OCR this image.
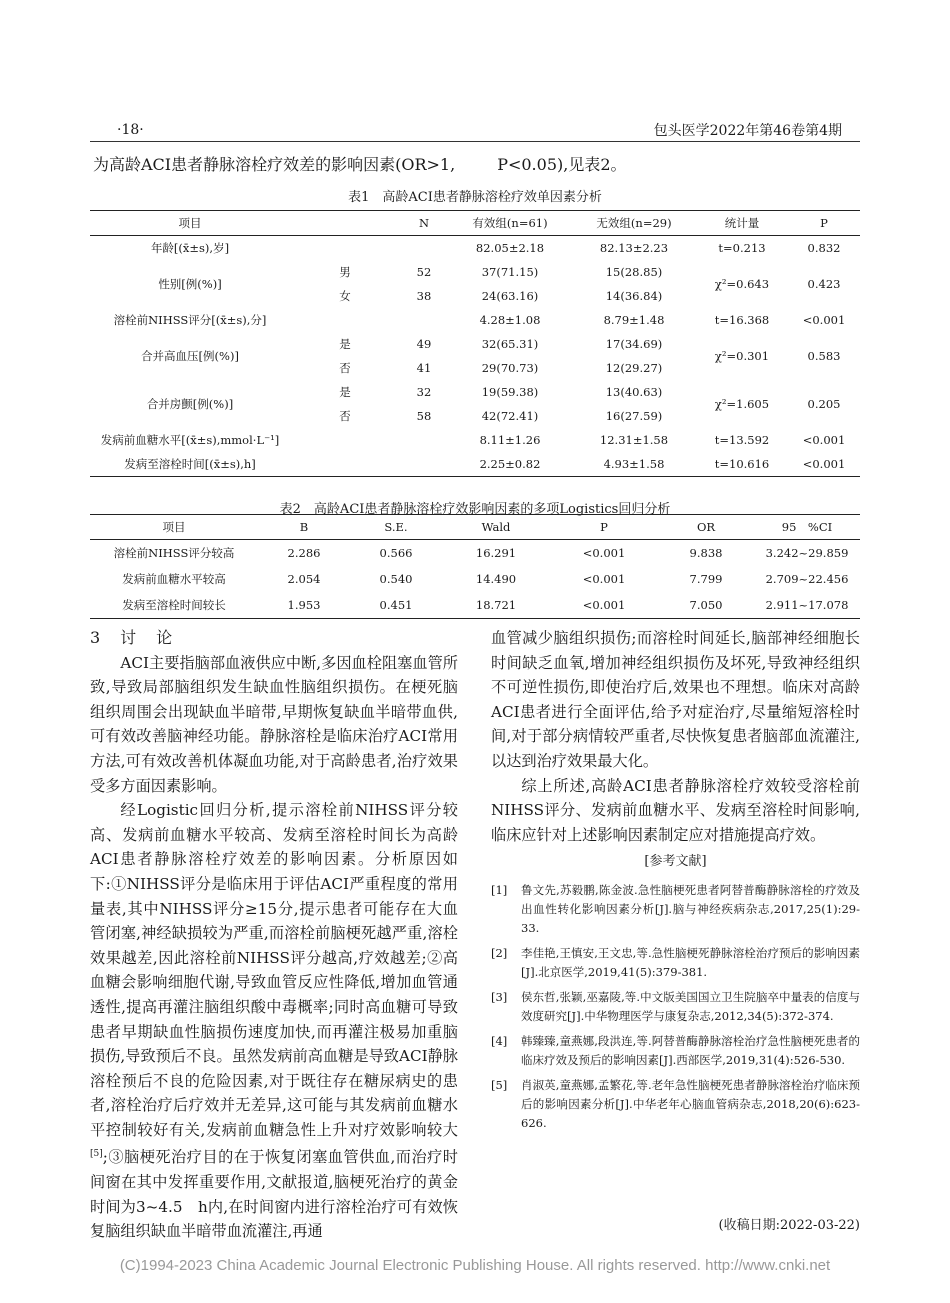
·18·	包头医学2022年第46卷第4期
为高龄ACI患者静脉溶栓疗效差的影响因素(OR>1,	P<0.05),见表2。
表1　高龄ACI患者静脉溶栓疗效单因素分析
项目		N	有效组(n=61)	无效组(n=29)	统计量	P
年龄[(x̄±s),岁]			82.05±2.18	82.13±2.23	t=0.213	0.832
性别[例(%)]	男	52	37(71.15)	15(28.85)	χ²=0.643	0.423
	女	38	24(63.16)	14(36.84)		
溶栓前NIHSS评分[(x̄±s),分]			4.28±1.08	8.79±1.48	t=16.368	<0.001
合并高血压[例(%)]	是	49	32(65.31)	17(34.69)	χ²=0.301	0.583
	否	41	29(70.73)	12(29.27)		
合并房颤[例(%)]	是	32	19(59.38)	13(40.63)	χ²=1.605	0.205
	否	58	42(72.41)	16(27.59)		
发病前血糖水平[(x̄±s),mmol·L⁻¹]			8.11±1.26	12.31±1.58	t=13.592	<0.001
发病至溶栓时间[(x̄±s),h]			2.25±0.82	4.93±1.58	t=10.616	<0.001
表2　高龄ACI患者静脉溶栓疗效影响因素的多项Logistics回归分析
项目	B	S.E.	Wald	P	OR	95　%CI
溶栓前NIHSS评分较高	2.286	0.566	16.291	<0.001	9.838	3.242~29.859
发病前血糖水平较高	2.054	0.540	14.490	<0.001	7.799	2.709~22.456
发病至溶栓时间较长	1.953	0.451	18.721	<0.001	7.050	2.911~17.078

3　讨　论

ACI主要指脑部血液供应中断,多因血栓阻塞血管所致,导致局部脑组织发生缺血性脑组织损伤。在梗死脑组织周围会出现缺血半暗带,早期恢复缺血半暗带血供,可有效改善脑神经功能。静脉溶栓是临床治疗ACI常用方法,可有效改善机体凝血功能,对于高龄患者,治疗效果受多方面因素影响。

经Logistic回归分析,提示溶栓前NIHSS评分较高、发病前血糖水平较高、发病至溶栓时间长为高龄ACI患者静脉溶栓疗效差的影响因素。分析原因如下:①NIHSS评分是临床用于评估ACI严重程度的常用量表,其中NIHSS评分≥15分,提示患者可能存在大血管闭塞,神经缺损较为严重,而溶栓前脑梗死越严重,溶栓效果越差,因此溶栓前NIHSS评分越高,疗效越差;②高血糖会影响细胞代谢,导致血管反应性降低,增加血管通透性,提高再灌注脑组织酸中毒概率;同时高血糖可导致患者早期缺血性脑损伤速度加快,而再灌注极易加重脑损伤,导致预后不良。虽然发病前高血糖是导致ACI静脉溶栓预后不良的危险因素,对于既往存在糖尿病史的患者,溶栓治疗后疗效并无差异,这可能与其发病前血糖水平控制较好有关,发病前血糖急性上升对疗效影响较大[5];③脑梗死治疗目的在于恢复闭塞血管供血,而治疗时间窗在其中发挥重要作用,文献报道,脑梗死治疗的黄金时间为3~4.5　h内,在时间窗内进行溶栓治疗可有效恢复脑组织缺血半暗带血流灌注,再通

血管减少脑组织损伤;而溶栓时间延长,脑部神经细胞长时间缺乏血氧,增加神经组织损伤及坏死,导致神经组织不可逆性损伤,即使治疗后,效果也不理想。临床对高龄ACI患者进行全面评估,给予对症治疗,尽量缩短溶栓时间,对于部分病情较严重者,尽快恢复患者脑部血流灌注,以达到治疗效果最大化。

综上所述,高龄ACI患者静脉溶栓疗效较受溶栓前NIHSS评分、发病前血糖水平、发病至溶栓时间影响,临床应针对上述影响因素制定应对措施提高疗效。

[参考文献]
[1]	鲁文先,苏毅鹏,陈金波.急性脑梗死患者阿替普酶静脉溶栓的疗效及出血性转化影响因素分析[J].脑与神经疾病杂志,2017,25(1):29-33.
[2]	李佳艳,王慎安,王文忠,等.急性脑梗死静脉溶栓治疗预后的影响因素[J].北京医学,2019,41(5):379-381.
[3]	侯东哲,张颖,巫嘉陵,等.中文版美国国立卫生院脑卒中量表的信度与效度研究[J].中华物理医学与康复杂志,2012,34(5):372-374.
[4]	韩臻臻,童燕娜,段洪连,等.阿替普酶静脉溶栓治疗急性脑梗死患者的临床疗效及预后的影响因素[J].西部医学,2019,31(4):526-530.
[5]	肖淑英,童燕娜,孟繁花,等.老年急性脑梗死患者静脉溶栓治疗临床预后的影响因素分析[J].中华老年心脑血管病杂志,2018,20(6):623-626.
(收稿日期:2022-03-22)
(C)1994-2023 China Academic Journal Electronic Publishing House. All rights reserved. http://www.cnki.net
